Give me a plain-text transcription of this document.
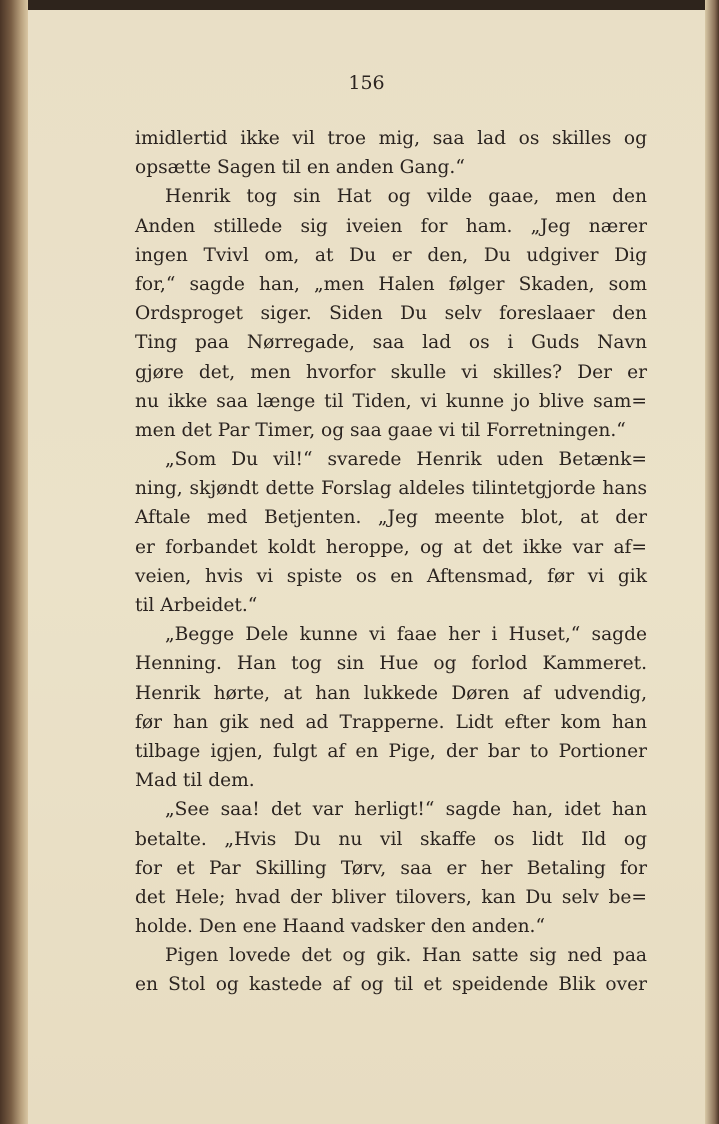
156

imidlertid ikke vil troe mig, saa lad os skilles og
opsætte Sagen til en anden Gang.“
Henrik tog sin Hat og vilde gaae, men den
Anden stillede sig iveien for ham. „Jeg nærer
ingen Tvivl om, at Du er den, Du udgiver Dig
for,“ sagde han, „men Halen følger Skaden, som
Ordsproget siger. Siden Du selv foreslaaer den
Ting paa Nørregade, saa lad os i Guds Navn
gjøre det, men hvorfor skulle vi skilles? Der er
nu ikke saa længe til Tiden, vi kunne jo blive sam=
men det Par Timer, og saa gaae vi til Forretningen.“
„Som Du vil!“ svarede Henrik uden Betænk=
ning, skjøndt dette Forslag aldeles tilintetgjorde hans
Aftale med Betjenten. „Jeg meente blot, at der
er forbandet koldt heroppe, og at det ikke var af=
veien, hvis vi spiste os en Aftensmad, før vi gik
til Arbeidet.“
„Begge Dele kunne vi faae her i Huset,“ sagde
Henning. Han tog sin Hue og forlod Kammeret.
Henrik hørte, at han lukkede Døren af udvendig,
før han gik ned ad Trapperne. Lidt efter kom han
tilbage igjen, fulgt af en Pige, der bar to Portioner
Mad til dem.
„See saa! det var herligt!“ sagde han, idet han
betalte. „Hvis Du nu vil skaffe os lidt Ild og
for et Par Skilling Tørv, saa er her Betaling for
det Hele; hvad der bliver tilovers, kan Du selv be=
holde. Den ene Haand vadsker den anden.“
Pigen lovede det og gik. Han satte sig ned paa
en Stol og kastede af og til et speidende Blik over
